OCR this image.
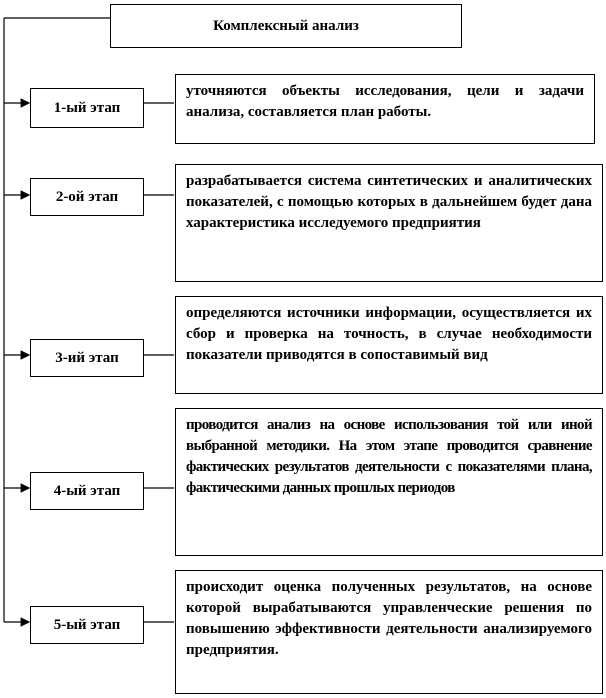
Комплексный анализ
1-ый этап
уточняются объекты исследования, цели и задачи анализа, составляется план работы.
2-ой этап
разрабатывается система синтетических и аналитических показателей, с помощью которых в дальнейшем будет дана характеристика исследуемого предприятия
3-ий этап
определяются источники информации, осуществляется их сбор и проверка на точность, в случае необходимости показатели приводятся в сопоставимый вид
4-ый этап
проводится анализ на основе использования той или иной выбранной методики. На этом этапе проводится сравнение фактических результатов деятельности с показателями плана, фактическими данных прошлых периодов
5-ый этап
происходит оценка полученных результатов, на основе которой вырабатываются управленческие решения по повышению эффективности деятельности анализируемого предприятия.
